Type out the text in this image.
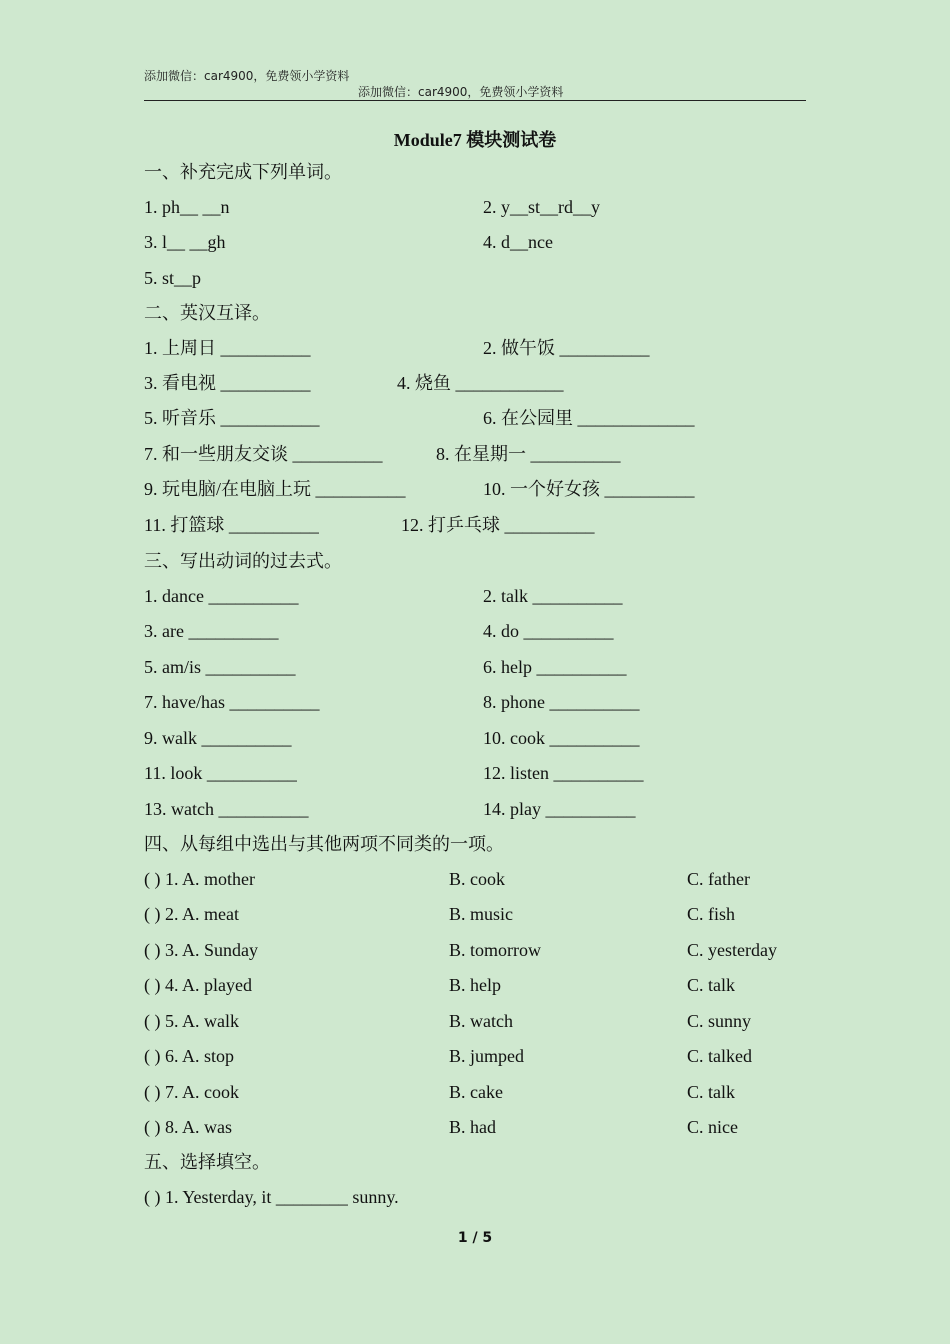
添加微信：car4900，免费领小学资料
添加微信：car4900，免费领小学资料
Module7 模块测试卷
一、补充完成下列单词。
1. ph__ __n	2. y__st__rd__y
3. l__ __gh	4. d__nce
5. st__p
二、英汉互译。
1. 上周日 __________	2. 做午饭 __________
3. 看电视 __________	4. 烧鱼 ____________
5. 听音乐 ___________	6. 在公园里 _____________
7. 和一些朋友交谈 __________	8. 在星期一 __________
9. 玩电脑/在电脑上玩 __________	10. 一个好女孩 __________
11. 打篮球 __________	12. 打乒乓球 __________
三、写出动词的过去式。
1. dance __________	2. talk __________
3. are __________	4. do __________
5. am/is __________	6. help __________
7. have/has __________	8. phone __________
9. walk __________	10. cook __________
11. look __________	12. listen __________
13. watch __________	14. play __________
四、从每组中选出与其他两项不同类的一项。
( ) 1. A. mother	B. cook	C. father
( ) 2. A. meat	B. music	C. fish
( ) 3. A. Sunday	B. tomorrow	C. yesterday
( ) 4. A. played	B. help	C. talk
( ) 5. A. walk	B. watch	C. sunny
( ) 6. A. stop	B. jumped	C. talked
( ) 7. A. cook	B. cake	C. talk
( ) 8. A. was	B. had	C. nice
五、选择填空。
( ) 1. Yesterday, it ________ sunny.
1 / 5
